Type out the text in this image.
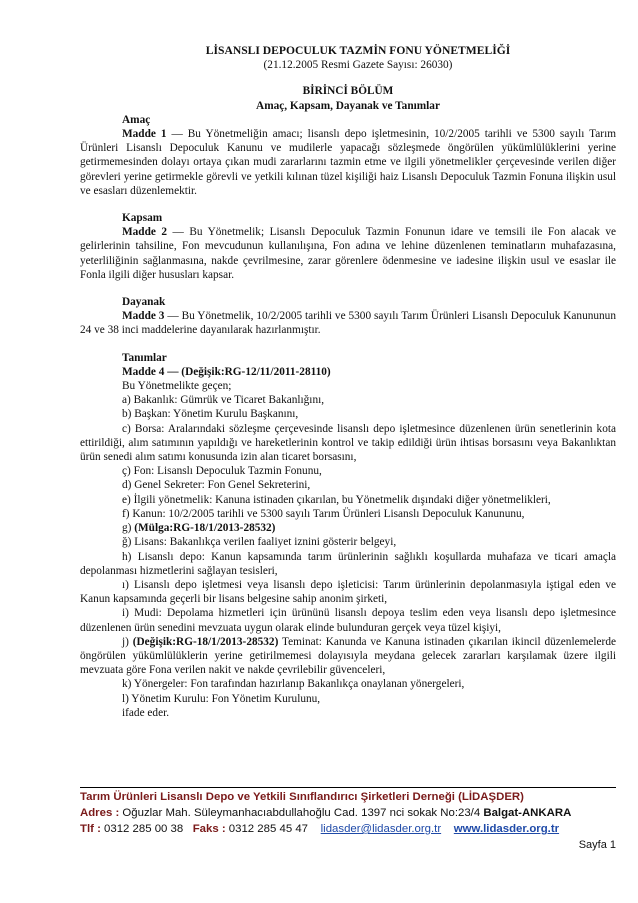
LİSANSLI DEPOCULUK TAZMİN FONU YÖNETMELİĞİ
(21.12.2005 Resmi Gazete Sayısı: 26030)
BİRİNCİ BÖLÜM
Amaç, Kapsam, Dayanak ve Tanımlar
Amaç
Madde 1 — Bu Yönetmeliğin amacı; lisanslı depo işletmesinin, 10/2/2005 tarihli ve 5300 sayılı Tarım Ürünleri Lisanslı Depoculuk Kanunu ve mudilerle yapacağı sözleşmede öngörülen yükümlülüklerini yerine getirmemesinden dolayı ortaya çıkan mudi zararlarını tazmin etme ve ilgili yönetmelikler çerçevesinde verilen diğer görevleri yerine getirmekle görevli ve yetkili kılınan tüzel kişiliği haiz Lisanslı Depoculuk Tazmin Fonuna ilişkin usul ve esasları düzenlemektir.
Kapsam
Madde 2 — Bu Yönetmelik; Lisanslı Depoculuk Tazmin Fonunun idare ve temsili ile Fon alacak ve gelirlerinin tahsiline, Fon mevcudunun kullanılışına, Fon adına ve lehine düzenlenen teminatların muhafazasına, yeterliliğinin sağlanmasına, nakde çevrilmesine, zarar görenlere ödenmesine ve iadesine ilişkin usul ve esaslar ile Fonla ilgili diğer hususları kapsar.
Dayanak
Madde 3 — Bu Yönetmelik, 10/2/2005 tarihli ve 5300 sayılı Tarım Ürünleri Lisanslı Depoculuk Kanununun 24 ve 38 inci maddelerine dayanılarak hazırlanmıştır.
Tanımlar
Madde 4 — (Değişik:RG-12/11/2011-28110)
Bu Yönetmelikte geçen;
a) Bakanlık: Gümrük ve Ticaret Bakanlığını,
b) Başkan: Yönetim Kurulu Başkanını,
c) Borsa: Aralarındaki sözleşme çerçevesinde lisanslı depo işletmesince düzenlenen ürün senetlerinin kota ettirildiği, alım satımının yapıldığı ve hareketlerinin kontrol ve takip edildiği ürün ihtisas borsasını veya Bakanlıktan ürün senedi alım satımı konusunda izin alan ticaret borsasını,
ç) Fon: Lisanslı Depoculuk Tazmin Fonunu,
d) Genel Sekreter: Fon Genel Sekreterini,
e) İlgili yönetmelik: Kanuna istinaden çıkarılan, bu Yönetmelik dışındaki diğer yönetmelikleri,
f) Kanun: 10/2/2005 tarihli ve 5300 sayılı Tarım Ürünleri Lisanslı Depoculuk Kanununu,
g) (Mülga:RG-18/1/2013-28532)
ğ) Lisans: Bakanlıkça verilen faaliyet iznini gösterir belgeyi,
h) Lisanslı depo: Kanun kapsamında tarım ürünlerinin sağlıklı koşullarda muhafaza ve ticari amaçla depolanması hizmetlerini sağlayan tesisleri,
ı) Lisanslı depo işletmesi veya lisanslı depo işleticisi: Tarım ürünlerinin depolanmasıyla iştigal eden ve Kanun kapsamında geçerli bir lisans belgesine sahip anonim şirketi,
i) Mudi: Depolama hizmetleri için ürününü lisanslı depoya teslim eden veya lisanslı depo işletmesince düzenlenen ürün senedini mevzuata uygun olarak elinde bulunduran gerçek veya tüzel kişiyi,
j) (Değişik:RG-18/1/2013-28532) Teminat: Kanunda ve Kanuna istinaden çıkarılan ikincil düzenlemelerde öngörülen yükümlülüklerin yerine getirilmemesi dolayısıyla meydana gelecek zararları karşılamak üzere ilgili mevzuata göre Fona verilen nakit ve nakde çevrilebilir güvenceleri,
k) Yönergeler: Fon tarafından hazırlanıp Bakanlıkça onaylanan yönergeleri,
l) Yönetim Kurulu: Fon Yönetim Kurulunu,
ifade eder.
Tarım Ürünleri Lisanslı Depo ve Yetkili Sınıflandırıcı Şirketleri Derneği (LİDAŞDER)
Adres : Oğuzlar Mah. Süleymanhacıabdullahoğlu Cad. 1397 nci sokak No:23/4 Balgat-ANKARA
Tlf : 0312 285 00 38 Faks : 0312 285 45 47 lidasder@lidasder.org.tr www.lidasder.org.tr
Sayfa 1
